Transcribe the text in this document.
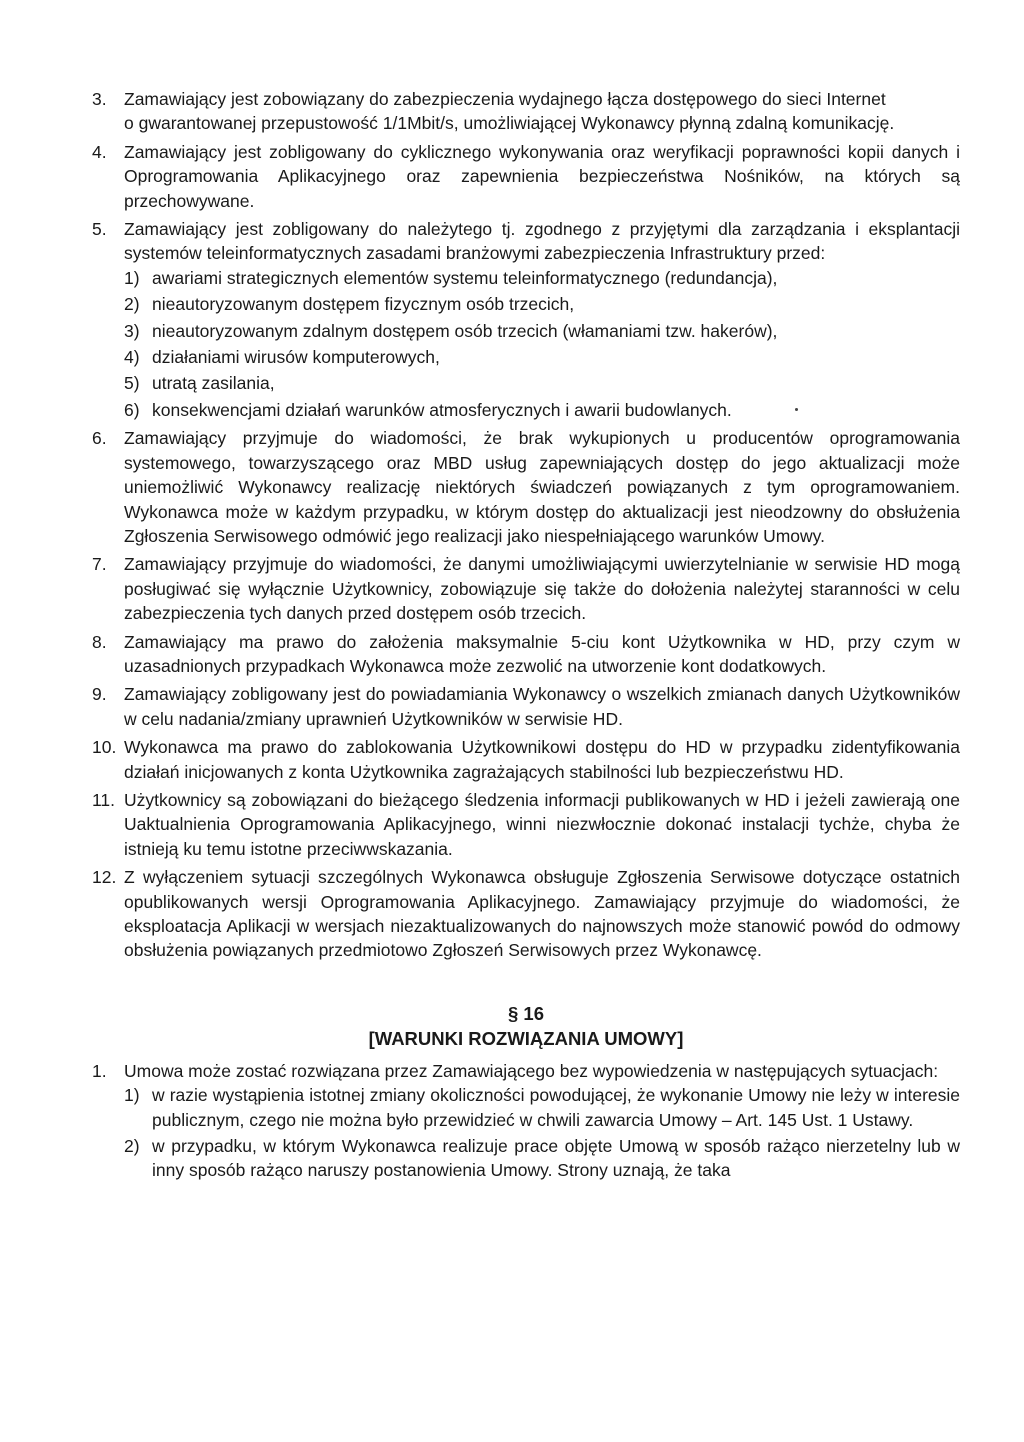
3. Zamawiający jest zobowiązany do zabezpieczenia wydajnego łącza dostępowego do sieci Internet
o gwarantowanej przepustowość 1/1Mbit/s, umożliwiającej Wykonawcy płynną zdalną komunikację.
4. Zamawiający jest zobligowany do cyklicznego wykonywania oraz weryfikacji poprawności kopii danych i Oprogramowania Aplikacyjnego oraz zapewnienia bezpieczeństwa Nośników, na których są przechowywane.
5. Zamawiający jest zobligowany do należytego tj. zgodnego z przyjętymi dla zarządzania i eksplantacji systemów teleinformatycznych zasadami branżowymi zabezpieczenia Infrastruktury przed:
1) awariami strategicznych elementów systemu teleinformatycznego (redundancja),
2) nieautoryzowanym dostępem fizycznym osób trzecich,
3) nieautoryzowanym zdalnym dostępem osób trzecich (włamaniami tzw. hakerów),
4) działaniami wirusów komputerowych,
5) utratą zasilania,
6) konsekwencjami działań warunków atmosferycznych i awarii budowlanych.
6. Zamawiający przyjmuje do wiadomości, że brak wykupionych u producentów oprogramowania systemowego, towarzyszącego oraz MBD usług zapewniających dostęp do jego aktualizacji może uniemożliwić Wykonawcy realizację niektórych świadczeń powiązanych z tym oprogramowaniem. Wykonawca może w każdym przypadku, w którym dostęp do aktualizacji jest nieodzowny do obsłużenia Zgłoszenia Serwisowego odmówić jego realizacji jako niespełniającego warunków Umowy.
7. Zamawiający przyjmuje do wiadomości, że danymi umożliwiającymi uwierzytelnianie w serwisie HD mogą posługiwać się wyłącznie Użytkownicy, zobowiązuje się także do dołożenia należytej staranności w celu zabezpieczenia tych danych przed dostępem osób trzecich.
8. Zamawiający ma prawo do założenia maksymalnie 5-ciu kont Użytkownika w HD, przy czym w uzasadnionych przypadkach Wykonawca może zezwolić na utworzenie kont dodatkowych.
9. Zamawiający zobligowany jest do powiadamiania Wykonawcy o wszelkich zmianach danych Użytkowników w celu nadania/zmiany uprawnień Użytkowników w serwisie HD.
10. Wykonawca ma prawo do zablokowania Użytkownikowi dostępu do HD w przypadku zidentyfikowania działań inicjowanych z konta Użytkownika zagrażających stabilności lub bezpieczeństwu HD.
11. Użytkownicy są zobowiązani do bieżącego śledzenia informacji publikowanych w HD i jeżeli zawierają one Uaktualnienia Oprogramowania Aplikacyjnego, winni niezwłocznie dokonać instalacji tychże, chyba że istnieją ku temu istotne przeciwwskazania.
12. Z wyłączeniem sytuacji szczególnych Wykonawca obsługuje Zgłoszenia Serwisowe dotyczące ostatnich opublikowanych wersji Oprogramowania Aplikacyjnego. Zamawiający przyjmuje do wiadomości, że eksploatacja Aplikacji w wersjach niezaktualizowanych do najnowszych może stanowić powód do odmowy obsłużenia powiązanych przedmiotowo Zgłoszeń Serwisowych przez Wykonawcę.
§ 16
[WARUNKI ROZWIĄZANIA UMOWY]
1. Umowa może zostać rozwiązana przez Zamawiającego bez wypowiedzenia w następujących sytuacjach:
1) w razie wystąpienia istotnej zmiany okoliczności powodującej, że wykonanie Umowy nie leży w interesie publicznym, czego nie można było przewidzieć w chwili zawarcia Umowy – Art. 145 Ust. 1 Ustawy.
2) w przypadku, w którym Wykonawca realizuje prace objęte Umową w sposób rażąco nierzetelny lub w inny sposób rażąco naruszy postanowienia Umowy. Strony uznają, że taka
